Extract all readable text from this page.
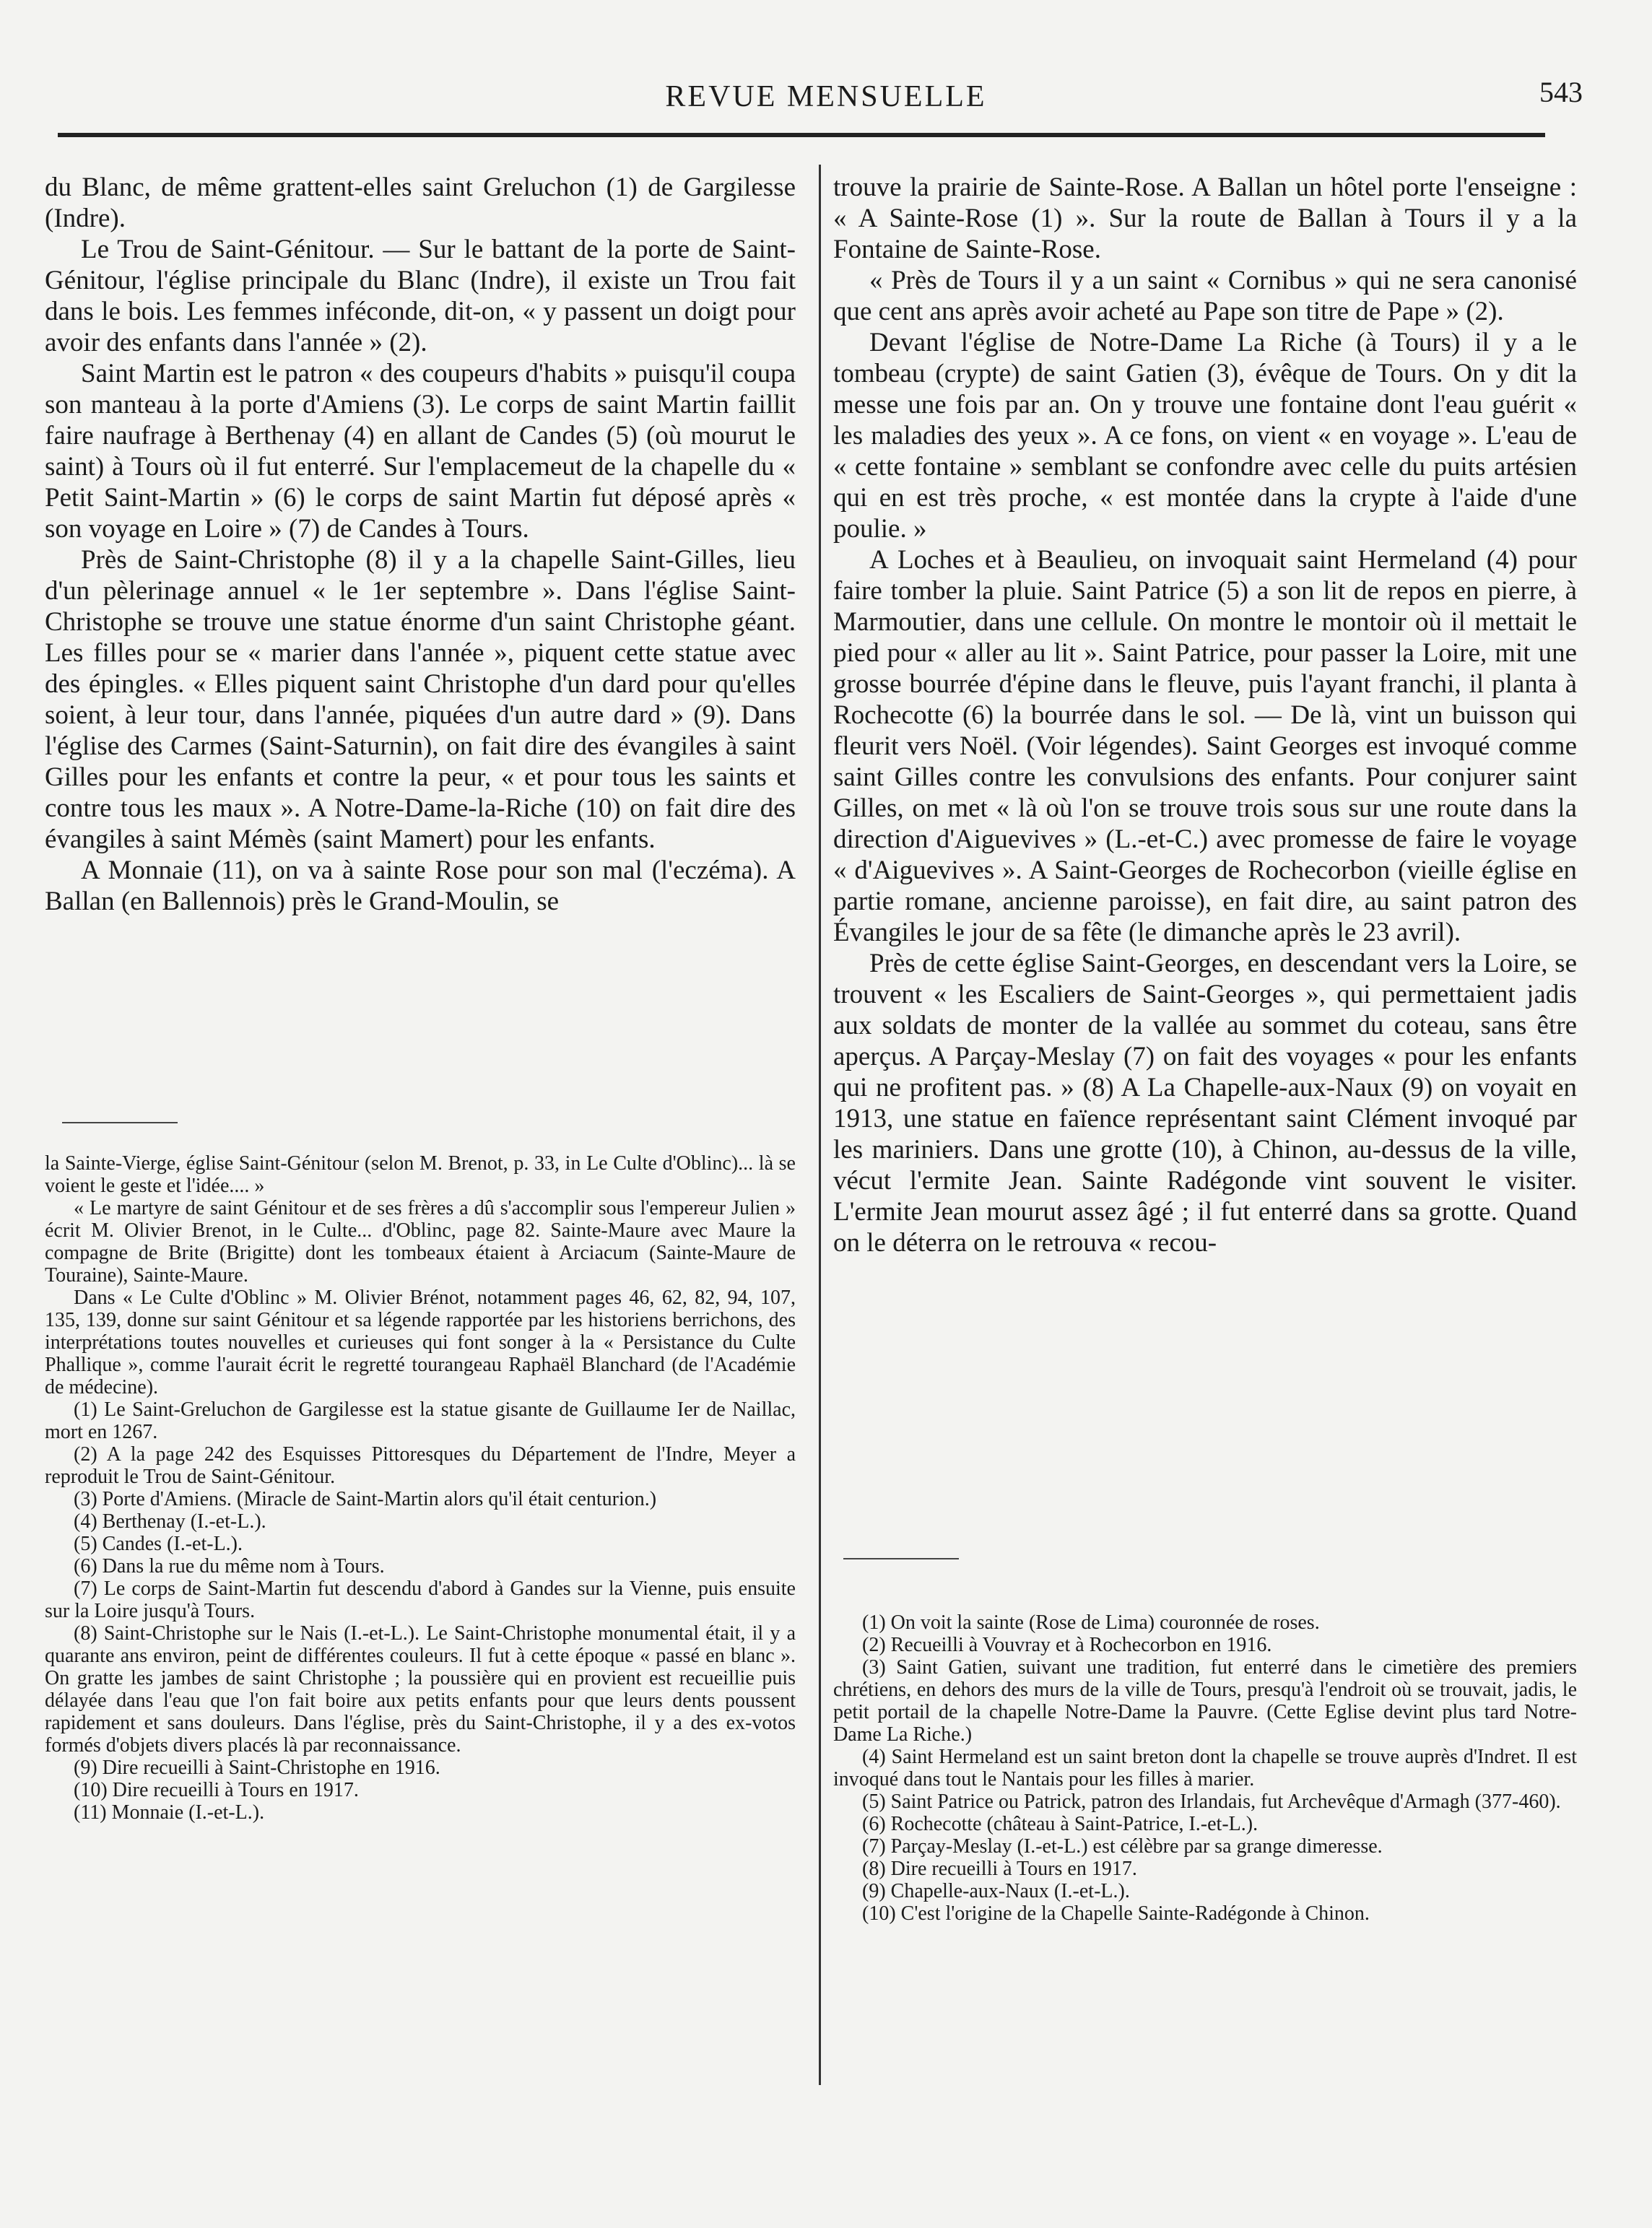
REVUE MENSUELLE	543

du Blanc, de même grattent-elles saint Greluchon (1) de Gargilesse (Indre).

Le Trou de Saint-Génitour. — Sur le battant de la porte de Saint-Génitour, l'église principale du Blanc (Indre), il existe un Trou fait dans le bois. Les femmes inféconde, dit-on, « y passent un doigt pour avoir des enfants dans l'année » (2).

Saint Martin est le patron « des coupeurs d'habits » puisqu'il coupa son manteau à la porte d'Amiens (3). Le corps de saint Martin faillit faire naufrage à Berthenay (4) en allant de Candes (5) (où mourut le saint) à Tours où il fut enterré. Sur l'emplacemeut de la chapelle du « Petit Saint-Martin » (6) le corps de saint Martin fut déposé après « son voyage en Loire » (7) de Candes à Tours.

Près de Saint-Christophe (8) il y a la chapelle Saint-Gilles, lieu d'un pèlerinage annuel « le 1er septembre ». Dans l'église Saint-Christophe se trouve une statue énorme d'un saint Christophe géant. Les filles pour se « marier dans l'année », piquent cette statue avec des épingles. « Elles piquent saint Christophe d'un dard pour qu'elles soient, à leur tour, dans l'année, piquées d'un autre dard » (9). Dans l'église des Carmes (Saint-Saturnin), on fait dire des évangiles à saint Gilles pour les enfants et contre la peur, « et pour tous les saints et contre tous les maux ». A Notre-Dame-la-Riche (10) on fait dire des évangiles à saint Mémès (saint Mamert) pour les enfants.

A Monnaie (11), on va à sainte Rose pour son mal (l'eczéma). A Ballan (en Ballennois) près le Grand-Moulin, se

la Sainte-Vierge, église Saint-Génitour (selon M. Brenot, p. 33, in Le Culte d'Oblinc)... là se voient le geste et l'idée.... »

« Le martyre de saint Génitour et de ses frères a dû s'accomplir sous l'empereur Julien » écrit M. Olivier Brenot, in le Culte... d'Oblinc, page 82. Sainte-Maure avec Maure la compagne de Brite (Brigitte) dont les tombeaux étaient à Arciacum (Sainte-Maure de Touraine), Sainte-Maure.

Dans « Le Culte d'Oblinc » M. Olivier Brénot, notamment pages 46, 62, 82, 94, 107, 135, 139, donne sur saint Génitour et sa légende rapportée par les historiens berrichons, des interprétations toutes nouvelles et curieuses qui font songer à la « Persistance du Culte Phallique », comme l'aurait écrit le regretté tourangeau Raphaël Blanchard (de l'Académie de médecine).

(1) Le Saint-Greluchon de Gargilesse est la statue gisante de Guillaume Ier de Naillac, mort en 1267.

(2) A la page 242 des Esquisses Pittoresques du Département de l'Indre, Meyer a reproduit le Trou de Saint-Génitour.

(3) Porte d'Amiens. (Miracle de Saint-Martin alors qu'il était centurion.)

(4) Berthenay (I.-et-L.).

(5) Candes (I.-et-L.).

(6) Dans la rue du même nom à Tours.

(7) Le corps de Saint-Martin fut descendu d'abord à Gandes sur la Vienne, puis ensuite sur la Loire jusqu'à Tours.

(8) Saint-Christophe sur le Nais (I.-et-L.). Le Saint-Christophe monumental était, il y a quarante ans environ, peint de différentes couleurs. Il fut à cette époque « passé en blanc ». On gratte les jambes de saint Christophe ; la poussière qui en provient est recueillie puis délayée dans l'eau que l'on fait boire aux petits enfants pour que leurs dents poussent rapidement et sans douleurs. Dans l'église, près du Saint-Christophe, il y a des ex-votos formés d'objets divers placés là par reconnaissance.

(9) Dire recueilli à Saint-Christophe en 1916.

(10) Dire recueilli à Tours en 1917.

(11) Monnaie (I.-et-L.).

trouve la prairie de Sainte-Rose. A Ballan un hôtel porte l'enseigne : « A Sainte-Rose (1) ». Sur la route de Ballan à Tours il y a la Fontaine de Sainte-Rose.

« Près de Tours il y a un saint « Cornibus » qui ne sera canonisé que cent ans après avoir acheté au Pape son titre de Pape » (2).

Devant l'église de Notre-Dame La Riche (à Tours) il y a le tombeau (crypte) de saint Gatien (3), évêque de Tours. On y dit la messe une fois par an. On y trouve une fontaine dont l'eau guérit « les maladies des yeux ». A ce fons, on vient « en voyage ». L'eau de « cette fontaine » semblant se confondre avec celle du puits artésien qui en est très proche, « est montée dans la crypte à l'aide d'une poulie. »

A Loches et à Beaulieu, on invoquait saint Hermeland (4) pour faire tomber la pluie. Saint Patrice (5) a son lit de repos en pierre, à Marmoutier, dans une cellule. On montre le montoir où il mettait le pied pour « aller au lit ». Saint Patrice, pour passer la Loire, mit une grosse bourrée d'épine dans le fleuve, puis l'ayant franchi, il planta à Rochecotte (6) la bourrée dans le sol. — De là, vint un buisson qui fleurit vers Noël. (Voir légendes). Saint Georges est invoqué comme saint Gilles contre les convulsions des enfants. Pour conjurer saint Gilles, on met « là où l'on se trouve trois sous sur une route dans la direction d'Aiguevives » (L.-et-C.) avec promesse de faire le voyage « d'Aiguevives ». A Saint-Georges de Rochecorbon (vieille église en partie romane, ancienne paroisse), en fait dire, au saint patron des Évangiles le jour de sa fête (le dimanche après le 23 avril).

Près de cette église Saint-Georges, en descendant vers la Loire, se trouvent « les Escaliers de Saint-Georges », qui permettaient jadis aux soldats de monter de la vallée au sommet du coteau, sans être aperçus. A Parçay-Meslay (7) on fait des voyages « pour les enfants qui ne profitent pas. » (8) A La Chapelle-aux-Naux (9) on voyait en 1913, une statue en faïence représentant saint Clément invoqué par les mariniers. Dans une grotte (10), à Chinon, au-dessus de la ville, vécut l'ermite Jean. Sainte Radégonde vint souvent le visiter. L'ermite Jean mourut assez âgé ; il fut enterré dans sa grotte. Quand on le déterra on le retrouva « recou-

(1) On voit la sainte (Rose de Lima) couronnée de roses.

(2) Recueilli à Vouvray et à Rochecorbon en 1916.

(3) Saint Gatien, suivant une tradition, fut enterré dans le cimetière des premiers chrétiens, en dehors des murs de la ville de Tours, presqu'à l'endroit où se trouvait, jadis, le petit portail de la chapelle Notre-Dame la Pauvre. (Cette Eglise devint plus tard Notre-Dame La Riche.)

(4) Saint Hermeland est un saint breton dont la chapelle se trouve auprès d'Indret. Il est invoqué dans tout le Nantais pour les filles à marier.

(5) Saint Patrice ou Patrick, patron des Irlandais, fut Archevêque d'Armagh (377-460).

(6) Rochecotte (château à Saint-Patrice, I.-et-L.).

(7) Parçay-Meslay (I.-et-L.) est célèbre par sa grange dimeresse.

(8) Dire recueilli à Tours en 1917.

(9) Chapelle-aux-Naux (I.-et-L.).

(10) C'est l'origine de la Chapelle Sainte-Radégonde à Chinon.
